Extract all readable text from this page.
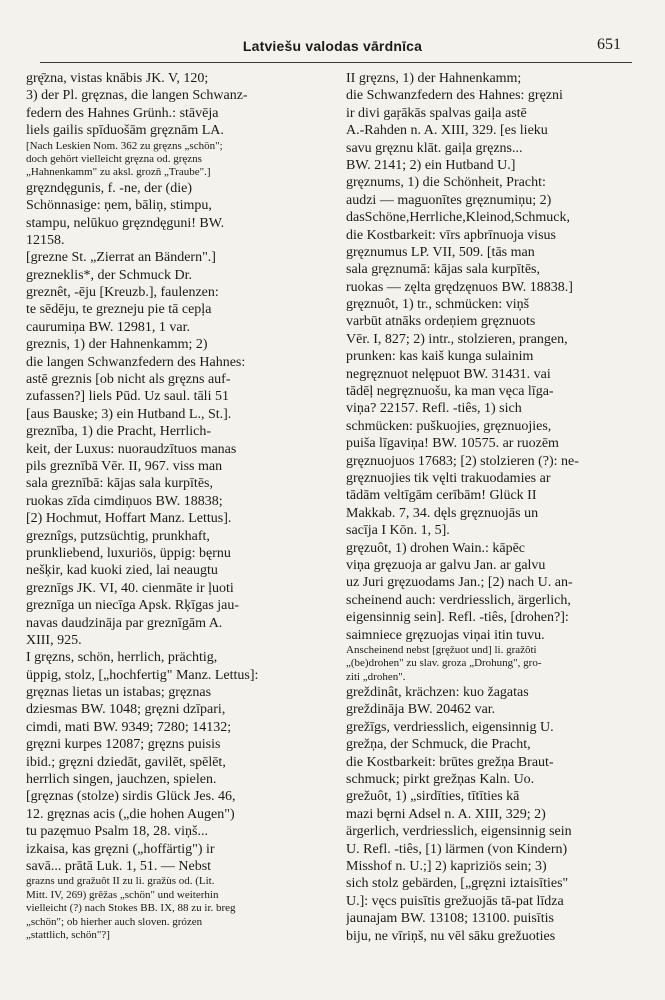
Latviešu valodas vārdnīca	651
grę̄zna, vistas knābis JK. V, 120;
3) der Pl. gręznas, die langen Schwanz-
federn des Hahnes Grünh.: stāvēja
liels gailis spīduošām gręznām LA.
[Nach Leskien Nom. 362 zu gręzns „schön";
doch gehört vielleicht gręzna od. gręzns
„Hahnenkamm" zu aksl. grozn̄ „Traube".]
gręzndęgunis, f. -ne, der (die)
Schönnasige: ņem, bāliņ, stimpu,
stampu, nelūkuo gręzndęguni! BW.
12158.
[grezne St. „Zierrat an Bändern".]
grezneklis*, der Schmuck Dr.
greznêt, -ēju [Kreuzb.], faulenzen:
te sēdēju, te grezneju pie tā cepļa
caurumiņa BW. 12981, 1 var.
greznis, 1) der Hahnenkamm; 2)
die langen Schwanzfedern des Hahnes:
astē greznis [ob nicht als gręzns auf-
zufassen?] liels Pūd. Uz saul. tāli 51
[aus Bauske; 3) ein Hutband L., St.].
greznība, 1) die Pracht, Herrlich-
keit, der Luxus: nuoraudzītuos manas
pils greznībā Vēr. II, 967. viss man
sala greznībā: kājas sala kurpītēs,
ruokas zīda cimdiņuos BW. 18838;
[2) Hochmut, Hoffart Manz. Lettus].
greznîgs, putzsüchtig, prunkhaft,
prunkliebend, luxuriös, üppig: bęrnu
nešķir, kad kuoki zied, lai neaugtu
greznīgs JK. VI, 40. cienmāte ir ļuoti
greznīga un niecīga Apsk. Rķīgas jau-
navas daudzināja par greznīgām A.
XIII, 925.
I gręzns, schön, herrlich, prächtig,
üppig, stolz, [„hochfertig" Manz. Lettus]:
gręznas lietas un istabas; gręznas
dziesmas BW. 1048; gręzni dzīpari,
cimdi, mati BW. 9349; 7280; 14132;
gręzni kurpes 12087; gręzns puisis
ibid.; gręzni dziedāt, gavilēt, spēlēt,
herrlich singen, jauchzen, spielen.
[gręznas (stolze) sirdis Glück Jes. 46,
12. gręznas acis („die hohen Augen")
tu pazęmuo Psalm 18, 28. viņš...
izkaisa, kas gręzni („hoffärtig") ir
savā... prātā Luk. 1, 51. — Nebst
grazns und gražuôt II zu li. gražùs od. (Lit.
Mitt. IV, 269) grēžas „schön" und weiterhin
vielleicht (?) nach Stokes BB. IX, 88 zu ir. breg
„schön"; ob hierher auch sloven. grózen
„stattlich, schön"?]
II gręzns, 1) der Hahnenkamm;
die Schwanzfedern des Hahnes: gręzni
ir divi gaŗākās spalvas gaiļa astē
A.-Rahden n. A. XIII, 329. [es lieku
savu gręznu klāt. gaiļa gręzns...
BW. 2141; 2) ein Hutband U.]
gręznums, 1) die Schönheit, Pracht:
audzi — maguonītes gręznumiņu; 2)
dasSchöne,Herrliche,Kleinod,Schmuck,
die Kostbarkeit: vīrs apbrīnuoja visus
gręznumus LP. VII, 509. [tās man
sala gręznumā: kājas sala kurpītēs,
ruokas — zęlta grędzęnuos BW. 18838.]
gręznuôt, 1) tr., schmücken: viņš
varbūt atnāks ordeņiem gręznuots
Vēr. I, 827; 2) intr., stolzieren, prangen,
prunken: kas kaiš kunga sulainim
negręznuot nelępuot BW. 31431. vai
tādēļ negręznuošu, ka man vęca līga-
viņa? 22157. Refl. -tiês, 1) sich
schmücken: puškuojies, gręznuojies,
puiša līgaviņa! BW. 10575. ar ruozēm
gręznuojuos 17683; [2) stolzieren (?): ne-
gręznuojies tik vęlti trakuodamies ar
tādām veltīgām cerībām! Glück II
Makkab. 7, 34. dęls gręznuojās un
sacīja I Kōn. 1, 5].
gręzuôt, 1) drohen Wain.: kāpēc
viņa gręzuoja ar galvu Jan. ar galvu
uz Juri gręzuodams Jan.; [2) nach U. an-
scheinend auch: verdriesslich, ärgerlich,
eigensinnig sein]. Refl. -tiês, [drohen?]:
saimniece gręzuojas viņai itin tuvu.
Anscheinend nebst [gręžuot und] li. gražôti
„(be)drohen" zu slav. groza „Drohung", gro-
ziti „drohen".
greždinât, krächzen: kuo žagatas
greždināja BW. 20462 var.
grežīgs, verdriesslich, eigensinnig U.
grežņa, der Schmuck, die Pracht,
die Kostbarkeit: brūtes grežņa Braut-
schmuck; pirkt grežņas Kaln. Uo.
grežuôt, 1) „sirdīties, tītīties kā
mazi bęrni Adsel n. A. XIII, 329; 2)
ärgerlich, verdriesslich, eigensinnig sein
U. Refl. -tiês, [1) lärmen (von Kindern)
Misshof n. U.;] 2) kapriziös sein; 3)
sich stolz gebärden, [„gręzni iztaisīties"
U.]: vęcs puisītis grežuojās tā-pat līdza
jaunajam BW. 13108; 13100. puisītis
biju, ne vīriņš, nu vēl sāku grežuoties
